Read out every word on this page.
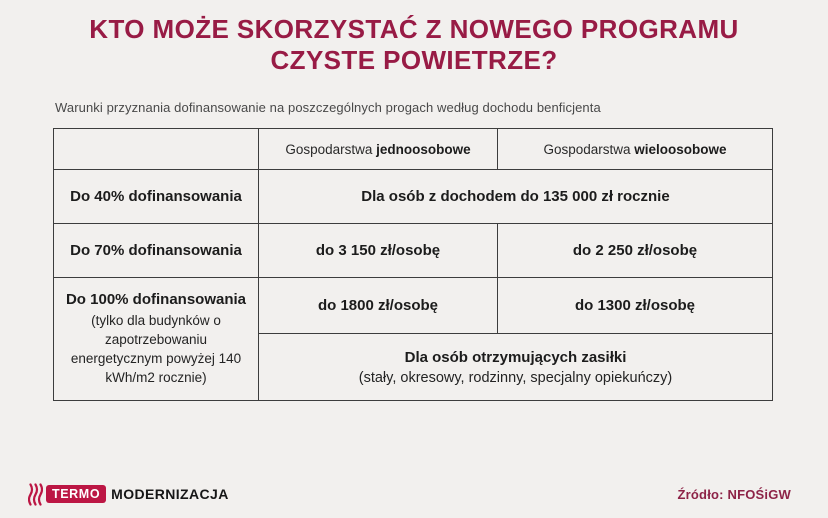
KTO MOŻE SKORZYSTAĆ Z NOWEGO PROGRAMU
CZYSTE POWIETRZE?

Warunki przyznania dofinansowanie na poszczególnych progach według dochodu benficjenta

	Gospodarstwa jednoosobowe	Gospodarstwa wieloosobowe
Do 40% dofinansowania	Dla osób z dochodem do 135 000 zł rocznie	
Do 70% dofinansowania	do 3 150 zł/osobę	do 2 250 zł/osobę

Do 100% dofinansowania
(tylko dla budynków o zapotrzebowaniu energetycznym powyżej 140 kWh/m2 rocznie)	do 1800 zł/osobę	do 1300 zł/osobę

	Dla osób otrzymujących zasiłki
(stały, okresowy, rodzinny, specjalny opiekuńczy)	
TERMO MODERNIZACJA	Źródło: NFOŚiGW
